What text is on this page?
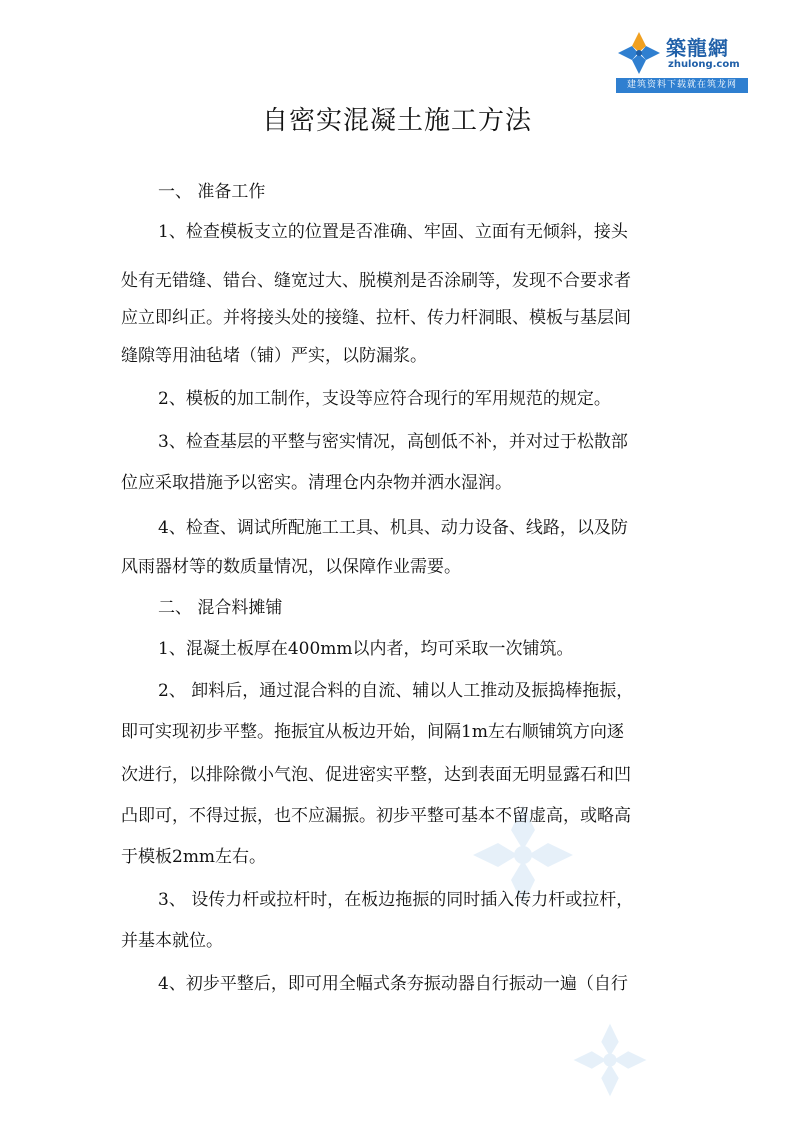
築龍網
zhulong.com
建筑资料下载就在筑龙网
自密实混凝土施工方法
一、 准备工作
1、检查模板支立的位置是否准确、牢固、立面有无倾斜，接头
处有无错缝、错台、缝宽过大、脱模剂是否涂刷等，发现不合要求者
应立即纠正。并将接头处的接缝、拉杆、传力杆洞眼、模板与基层间
缝隙等用油毡堵（铺）严实，以防漏浆。
2、模板的加工制作，支设等应符合现行的军用规范的规定。
3、检查基层的平整与密实情况，高刨低不补，并对过于松散部
位应采取措施予以密实。清理仓内杂物并洒水湿润。
4、检查、调试所配施工工具、机具、动力设备、线路，以及防
风雨器材等的数质量情况，以保障作业需要。
二、 混合料摊铺
1、混凝土板厚在400mm以内者，均可采取一次铺筑。
2、 卸料后，通过混合料的自流、辅以人工推动及振捣棒拖振，
即可实现初步平整。拖振宜从板边开始，间隔1m左右顺铺筑方向逐
次进行，以排除微小气泡、促进密实平整，达到表面无明显露石和凹
凸即可，不得过振，也不应漏振。初步平整可基本不留虚高，或略高
于模板2mm左右。
3、 设传力杆或拉杆时，在板边拖振的同时插入传力杆或拉杆，
并基本就位。
4、初步平整后，即可用全幅式条夯振动器自行振动一遍（自行
